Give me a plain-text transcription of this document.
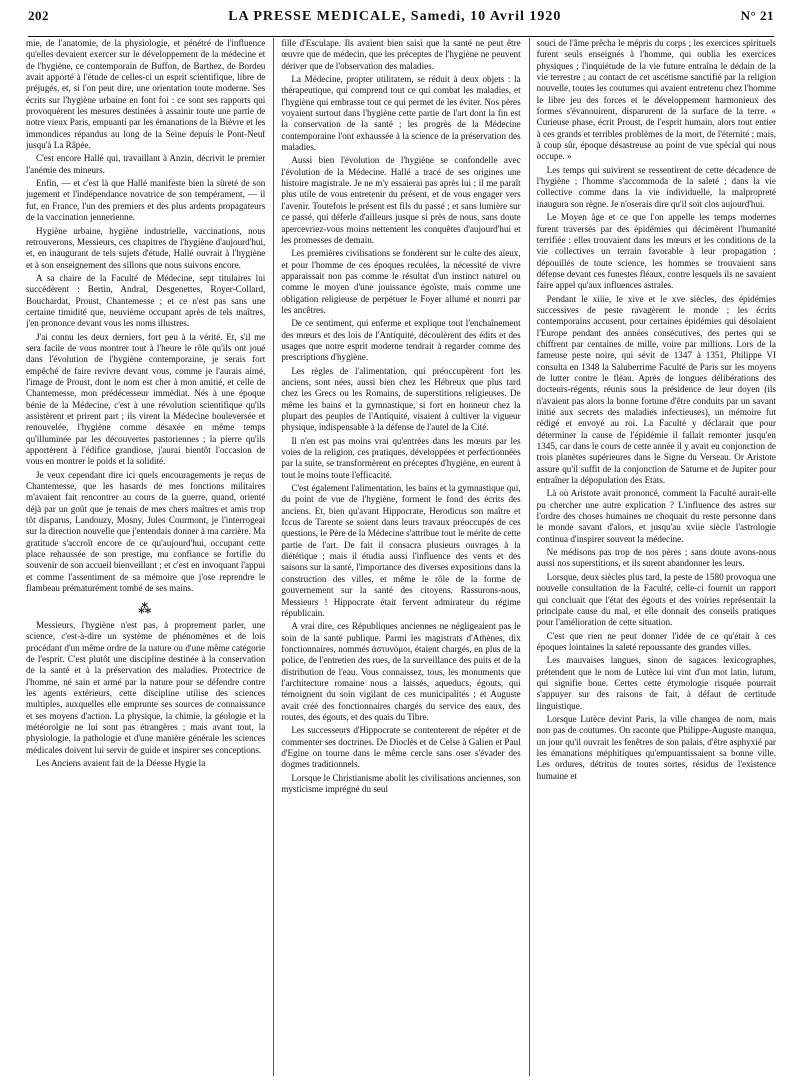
202	LA PRESSE MEDICALE, Samedi, 10 Avril 1920	N° 21

mie, de l'anatomie, de la physiologie, et pénétré de l'influence qu'elles devaient exercer sur le développement de la médecine et de l'hygiène, ce contemporain de Buffon, de Barthez, de Bordeu avait apporté à l'étude de celles-ci un esprit scientifique, libre de préjugés, et, si l'on peut dire, une orientation toute moderne. Ses écrits sur l'hygiène urbaine en font foi : ce sont ses rapports qui provoquèrent les mesures destinées à assainir toute une partie de notre vieux Paris, empuanti par les émanations de la Bièvre et les immondices répandus au long de la Seine depuis le Pont-Neuf jusqu'à La Râpée.

C'est encore Hallé qui, travaillant à Anzin, décrivit le premier l'anémie des mineurs.

Enfin, — et c'est là que Hallé manifeste bien la sûreté de son jugement et l'indépendance novatrice de son tempérament, — il fut, en France, l'un des premiers et des plus ardents propagateurs de la vaccination jennerienne.

Hygiène urbaine, hygiène industrielle, vaccinations, nous retrouverons, Messieurs, ces chapitres de l'hygiène d'aujourd'hui, et, en inaugurant de tels sujets d'étude, Hallé ouvrait à l'hygiène et à son enseignement des sillons que nous suivons encore.

A sa chaire de la Faculté de Médecine, sept titulaires lui succédèrent : Bertin, Andral, Desgenettes, Royer-Collard, Bouchardat, Proust, Chantemesse ; et ce n'est pas sans une certaine timidité que, neuvième occupant après de tels maîtres, j'en prononce devant vous les noms illustres.

J'ai connu les deux derniers, fort peu à la vérité. Et, s'il me sera facile de vous montrer tout à l'heure le rôle qu'ils ont joué dans l'évolution de l'hygiène contemporaine, je serais fort empêché de faire revivre devant vous, comme je l'aurais aimé, l'image de Proust, dont le nom est cher à mon amitié, et celle de Chantemesse, mon prédécesseur immédiat. Nés à une époque bénie de la Médecine, c'est à une révolution scientifique qu'ils assistèrent et prirent part ; ils virent la Médecine bouleversée et renouvelée, l'hygiène comme désaxée en même temps qu'illuminée par les découvertes pastoriennes ; la pierre qu'ils apportèrent à l'édifice grandiose, j'aurai bientôt l'occasion de vous en montrer le poids et la solidité.

Je veux cependant dire ici quels encouragements je reçus de Chantemesse, que les hasards de mes fonctions militaires m'avaient fait rencontrer au cours de la guerre, quand, orienté déjà par un goût que je tenais de mes chers maîtres et amis trop tôt disparus, Landouzy, Mosny, Jules Courmont, je l'interrogeai sur la direction nouvelle que j'entendais donner à ma carrière. Ma gratitude s'accroît encore de ce qu'aujourd'hui, occupant cette place rehaussée de son prestige, ma confiance se fortifie du souvenir de son accueil bienveillant ; et c'est en invoquant l'appui et comme l'assentiment de sa mémoire que j'ose reprendre le flambeau prématurément tombé de ses mains.

⁂

Messieurs, l'hygiène n'est pas, à proprement parler, une science, c'est-à-dire un système de phénomènes et de lois procédant d'un même ordre de la nature ou d'une même catégorie de l'esprit. C'est plutôt une discipline destinée à la conservation de la santé et à la préservation des maladies. Protectrice de l'homme, né sain et armé par la nature pour se défendre contre les agents extérieurs, cette discipline utilise des sciences multiples, auxquelles elle emprunte ses sources de connaissance et ses moyens d'action. La physique, la chimie, la géologie et la météorolgie ne lui sont pas étrangères ; mais avant tout, la physiologie, la pathologie et d'une manière générale les sciences médicales doivent lui servir de guide et inspirer ses conceptions.

Les Anciens avaient fait de la Déesse Hygie la

fille d'Esculape. Ils avaient bien saisi que la santé ne peut être œuvre que de médecin, que les préceptes de l'hygiène ne peuvent dériver que de l'observation des maladies.

La Médecine, propter utilitatem, se réduit à deux objets : la thérapeutique, qui comprend tout ce qui combat les maladies, et l'hygiène qui embrasse tout ce qui permet de les éviter. Nos pères voyaient surtout dans l'hygiène cette partie de l'art dont la fin est la conservation de la santé ; les progrès de la Médecine contemporaine l'ont exhaussée à la science de la préservation des maladies.

Aussi bien l'évolution de l'hygiène se confondelle avec l'évolution de la Médecine. Hallé a tracé de ses origines une histoire magistrale. Je ne m'y essaierai pas après lui ; il me paraît plus utile de vous entretenir du présent, et de vous engager vers l'avenir. Toutefois le présent est fils du passé ; et sans lumière sur ce passé, qui déferle d'ailleurs jusque si près de nous, sans doute apercevriez-vous moins nettement les conquêtes d'aujourd'hui et les promesses de demain.

Les premières civilisations se fondèrent sur le culte des aïeux, et pour l'homme de ces époques reculées, la nécessité de vivre apparaissait non pas comme le résultat d'un instinct naturel ou comme le moyen d'une jouissance égoïste, mais comme une obligation religieuse de perpétuer le Foyer allumé et nourri par les ancêtres.

De ce sentiment, qui enferme et explique tout l'enchaînement des mœurs et des lois de l'Antiquité, découlèrent des édits et des usages que notre esprit moderne tendrait à regarder comme des prescriptions d'hygiène.

Les règles de l'alimentation, qui préoccupèrent fort les anciens, sont nées, aussi bien chez les Hébreux que plus tard chez les Grecs ou les Romains, de superstitions religieuses. De même les bains et la gymnastique, si fort en honneur chez la plupart des peuples de l'Antiquité, visaient à cultiver la vigueur physique, indispensable à la défense de l'autel de la Cité.

Il n'en est pas moins vrai qu'entrées dans les mœurs par les voies de la religion, ces pratiques, développées et perfectionnées par la suite, se transformèrent en préceptes d'hygiène, en eurent à tout le moins toute l'efficacité.

C'est également l'alimentation, les bains et la gymnastique qui, du point de vue de l'hygiène, forment le fond des écrits des anciens. Et, bien qu'avant Hippocrate, Herodicus son maître et Iccus de Tarente se soient dans leurs travaux préoccupés de ces questions, le Père de la Médecine s'attribue tout le mérite de cette partie de l'art. De fait il consacra plusieurs ouvrages à la diététique ; mais il étudia aussi l'influence des vents et des saisons sur la santé, l'importance des diverses expositions dans la construction des villes, et même le rôle de la forme de gouvernement sur la santé des citoyens. Rassurons-nous, Messieurs ! Hippocrate était fervent admirateur du régime républicain.

A vrai dire, ces Républiques anciennes ne négligeaient pas le soin de la santé publique. Parmi les magistrats d'Athènes, dix fonctionnaires, nommés ἀστυνόμοι, étaient chargés, en plus de la police, de l'entretien des rues, de la surveillance des puits et de la distribution de l'eau. Vous connaissez, tous, les monuments que l'architecture romaine nous a laissés, aqueducs, égouts, qui témoignent du soin vigilant de ces municipalités ; et Auguste avait créé des fonctionnaires chargés du service des eaux, des routes, des égouts, et des quais du Tibre.

Les successeurs d'Hippocrate se contenterent de répéter et de commenter ses doctrines. De Dioclès et de Celse à Galien et Paul d'Egine on tourne dans le même cercle sans oser s'évader des dogmes traditionnels.

Lorsque le Christianisme abolit les civilisations anciennes, son mysticisme imprégné du seul

souci de l'âme prêcha le mépris du corps ; les exercices spirituels furent seuls enseignés à l'homme, qui oublia les exercices physiques ; l'inquiétude de la vie future entraîna le dédain de la vie terrestre ; au contact de cet ascétisme sanctifié par la religion nouvelle, toutes les coutumes qui avaient entretenu chez l'homme le libre jeu des forces et le développement harmonieux des formes s'évanouirent, disparurent de la surface de la terre. « Curieuse phase, écrit Proust, de l'esprit humain, alors tout entier à ces grands et terribles problèmes de la mort, de l'éternité ; mais, à coup sûr, époque désastreuse au point de vue spécial qui nous occupe. »

Les temps qui suivirent se ressentirent de cette décadence de l'hygiène ; l'homme s'accommoda de la saleté ; dans la vie collective comme dans la vie individuelle, la malpropreté inaugura son règne. Je n'oserais dire qu'il soit clos aujourd'hui.

Le Moyen âge et ce que l'on appelle les temps modernes furent traversés par des épidémies qui décimèrent l'humanité terrifiée : elles trouvaient dans les mœurs et les conditions de la vie collectives un terrain favorable à leur propagation ; dépouillés de toute science, les hommes se trouvaient sans défense devant ces funestes fléaux, contre lesquels ils ne savaient faire appel qu'aux influences astrales.

Pendant le xiiie, le xive et le xve siècles, des épidémies successives de peste ravagèrent le monde ; les écrits contemporains accusent, pour certaines épidémies qui désolaient l'Europe pendant des années consécutives, des pertes qui se chiffrent par centaines de mille, voire par millions. Lors de la fameuse peste noire, qui sévit de 1347 à 1351, Philippe VI consulta en 1348 la Saluberrime Faculté de Paris sur les moyens de lutter contre le fléau. Après de longues délibérations des docteurs-régents, réunis sous la présidence de leur doyen (ils n'avaient pas alors la bonne fortune d'être conduits par un savant initié aux secrets des maladies infectieuses), un mémoire fut rédigé et envoyé au roi. La Faculté y déclarait que pour déterminer la cause de l'épidémie il fallait remonter jusqu'en 1345, car dans le cours de cette année il y avait eu conjonction de trois planètes supérieures dans le Signe du Verseau. Or Aristote assure qu'il suffit de la conjonction de Saturne et de Jupiter pour entraîner la dépopulation des Etats.

Là où Aristote avait prononcé, comment la Faculté aurait-elle pu chercher une autre explication ? L'influence des astres sur l'ordre des choses humaines ne choquait du reste personne dans le monde savant d'alors, et jusqu'au xviie siècle l'astrologie continua d'inspirer souvent la médecine.

Ne médisons pas trop de nos pères ; sans doute avons-nous aussi nos superstitions, et ils surent abandonner les leurs.

Lorsque, deux siècles plus tard, la peste de 1580 provoqua une nouvelle consultation de la Faculté, celle-ci fournit un rapport qui concluait que l'état des égouts et des voiries représentait la principale cause du mal, et elle donnait des conseils pratiques pour l'amélioration de cette situation.

C'est que rien ne peut donner l'idée de ce qu'était à ces époques lointaines la saleté repoussante des grandes villes.

Les mauvaises langues, sinon de sagaces lexicographes, prétendent que le nom de Lutèce lui vint d'un mot latin, lutum, qui signifie boue. Certes cette étymologie risquée pourrait s'appuyer sur des raisons de fait, à défaut de certitude linguistique.

Lorsque Lutèce devint Paris, la ville changea de nom, mais non pas de coutumes. On raconte que Philippe-Auguste manqua, un jour qu'il ouvrait les fenêtres de son palais, d'être asphyxié par les émanations méphitiques qu'empuantissaient sa bonne ville. Les ordures, détritus de toutes sortes, résidus de l'existence humaine et
